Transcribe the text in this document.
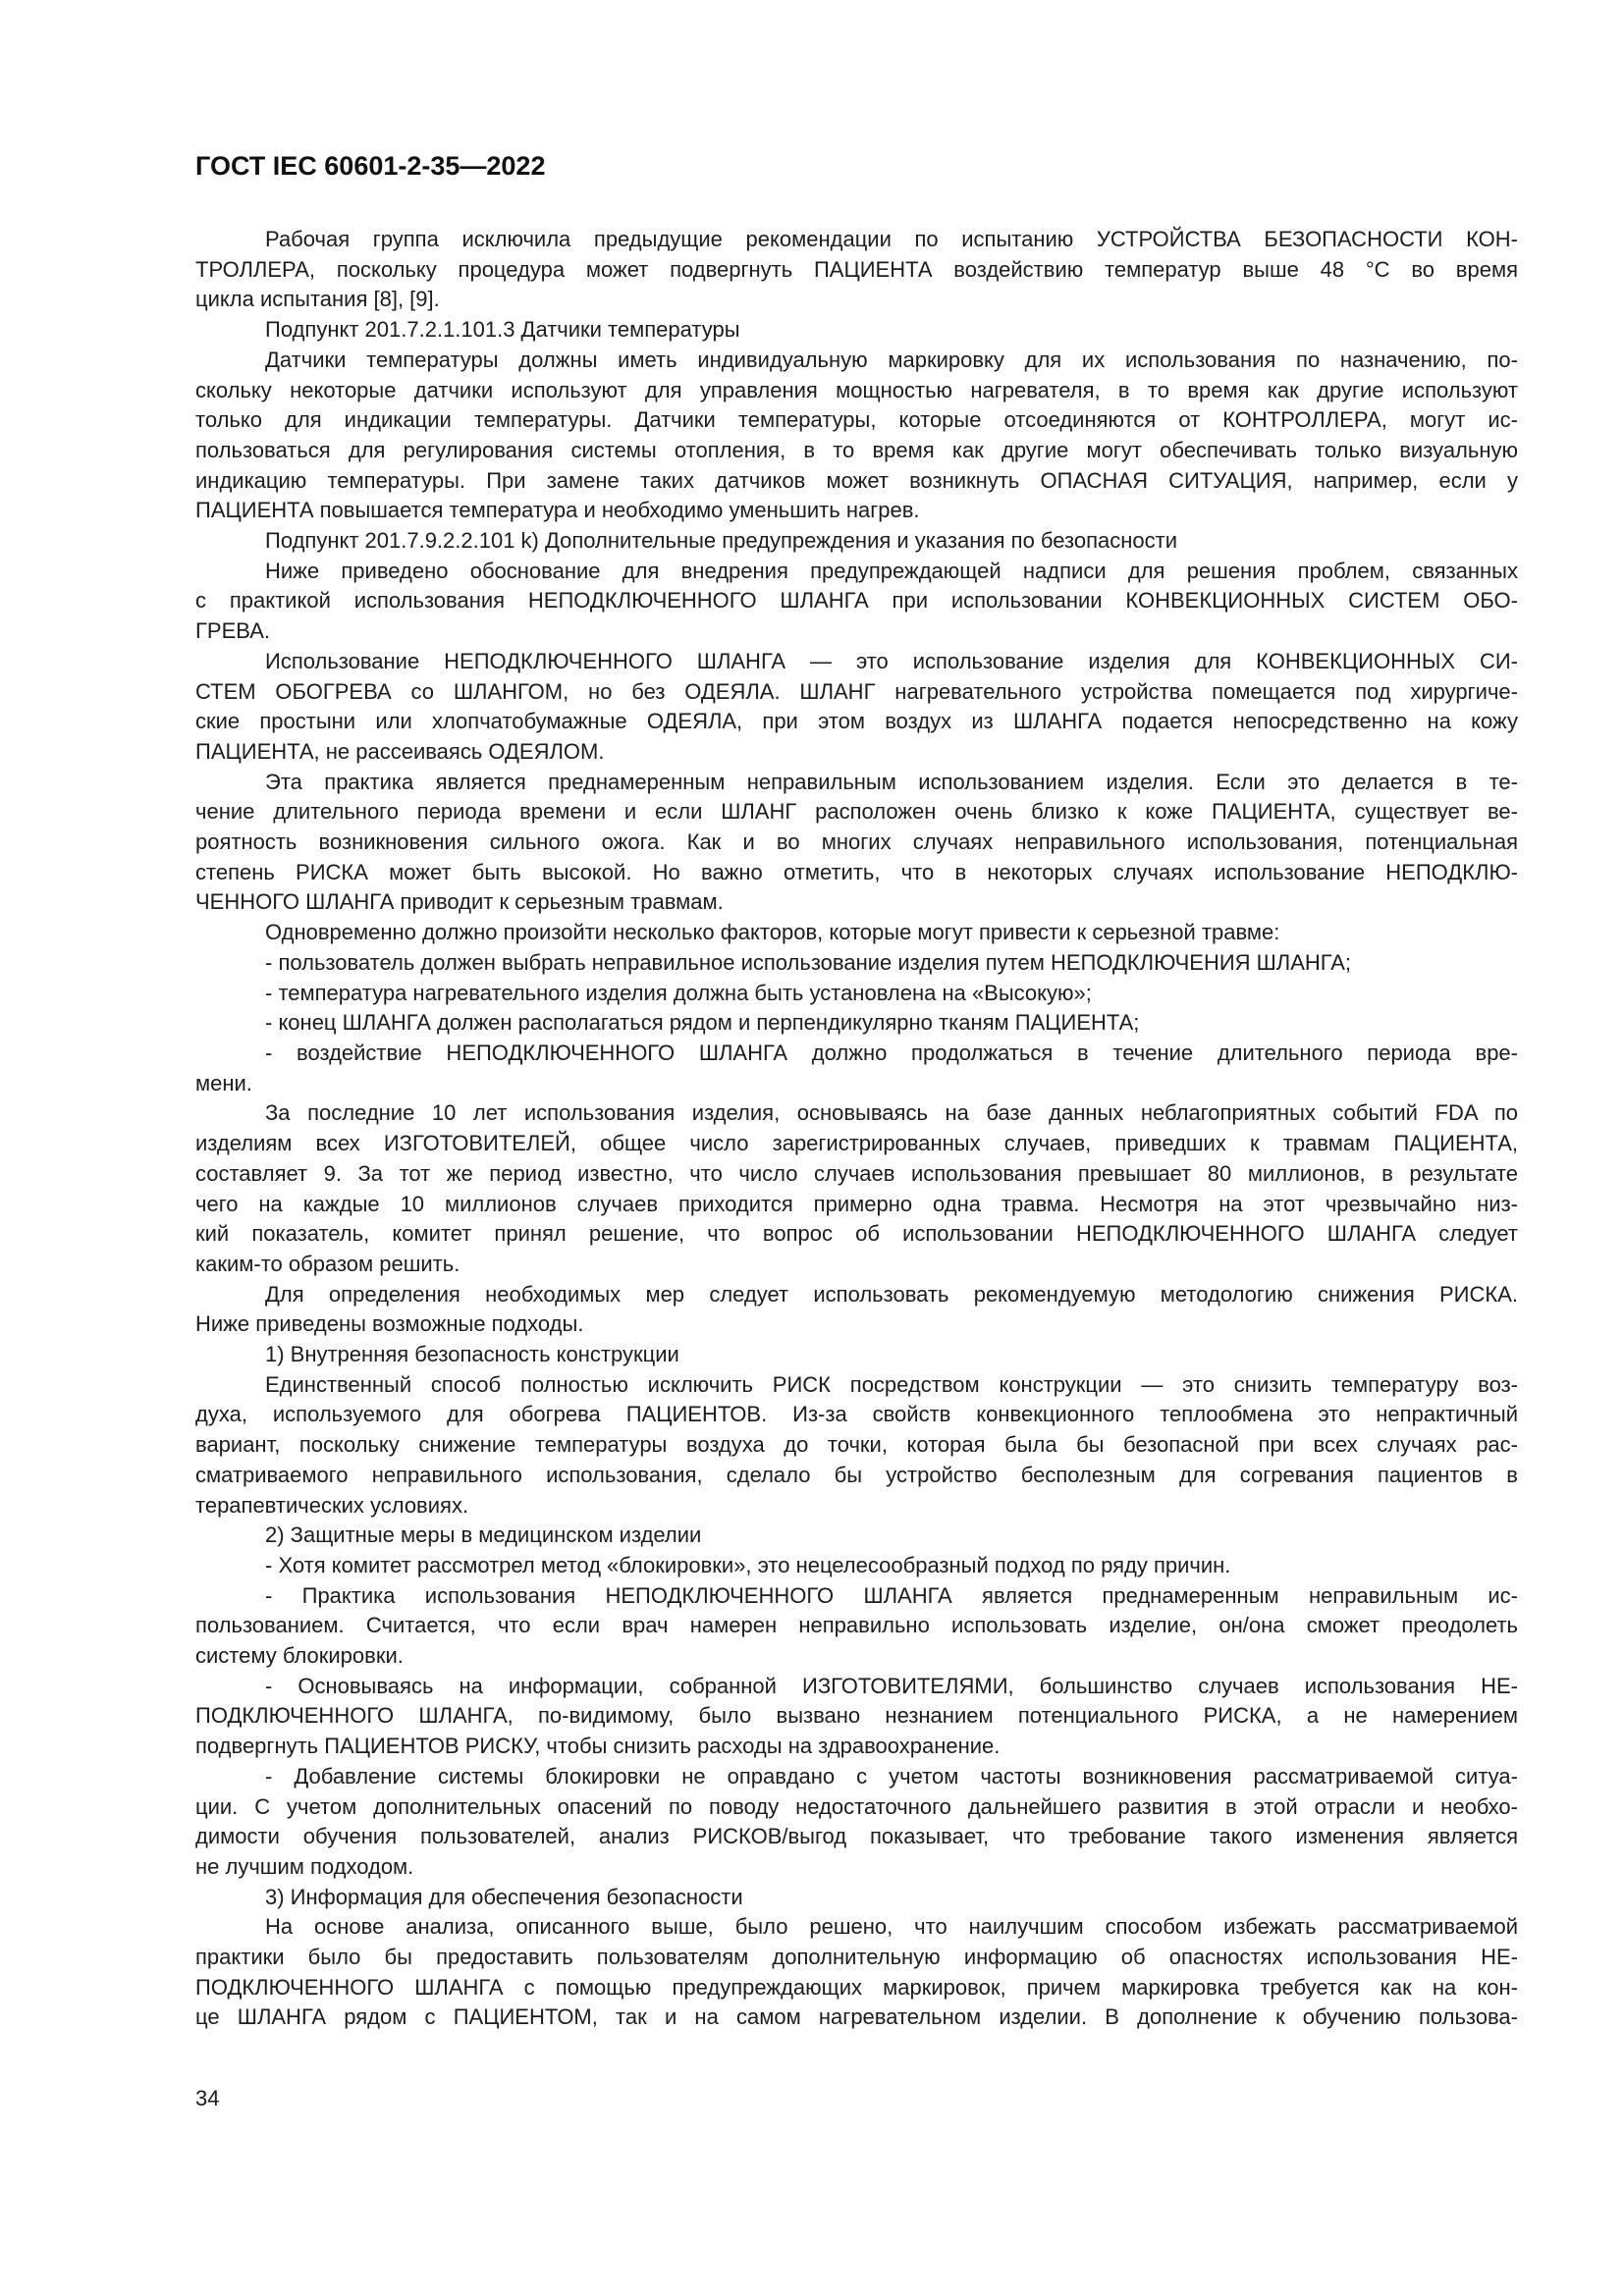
ГОСТ IEC 60601-2-35—2022
Рабочая группа исключила предыдущие рекомендации по испытанию УСТРОЙСТВА БЕЗОПАСНОСТИ КОН-
ТРОЛЛЕРА, поскольку процедура может подвергнуть ПАЦИЕНТА воздействию температур выше 48 °C во время
цикла испытания [8], [9].
Подпункт 201.7.2.1.101.3 Датчики температуры
Датчики температуры должны иметь индивидуальную маркировку для их использования по назначению, по-
скольку некоторые датчики используют для управления мощностью нагревателя, в то время как другие используют
только для индикации температуры. Датчики температуры, которые отсоединяются от КОНТРОЛЛЕРА, могут ис-
пользоваться для регулирования системы отопления, в то время как другие могут обеспечивать только визуальную
индикацию температуры. При замене таких датчиков может возникнуть ОПАСНАЯ СИТУАЦИЯ, например, если у
ПАЦИЕНТА повышается температура и необходимо уменьшить нагрев.
Подпункт 201.7.9.2.2.101 k) Дополнительные предупреждения и указания по безопасности
Ниже приведено обоснование для внедрения предупреждающей надписи для решения проблем, связанных
с практикой использования НЕПОДКЛЮЧЕННОГО ШЛАНГА при использовании КОНВЕКЦИОННЫХ СИСТЕМ ОБО-
ГРЕВА.
Использование НЕПОДКЛЮЧЕННОГО ШЛАНГА — это использование изделия для КОНВЕКЦИОННЫХ СИ-
СТЕМ ОБОГРЕВА со ШЛАНГОМ, но без ОДЕЯЛА. ШЛАНГ нагревательного устройства помещается под хирургиче-
ские простыни или хлопчатобумажные ОДЕЯЛА, при этом воздух из ШЛАНГА подается непосредственно на кожу
ПАЦИЕНТА, не рассеиваясь ОДЕЯЛОМ.
Эта практика является преднамеренным неправильным использованием изделия. Если это делается в те-
чение длительного периода времени и если ШЛАНГ расположен очень близко к коже ПАЦИЕНТА, существует ве-
роятность возникновения сильного ожога. Как и во многих случаях неправильного использования, потенциальная
степень РИСКА может быть высокой. Но важно отметить, что в некоторых случаях использование НЕПОДКЛЮ-
ЧЕННОГО ШЛАНГА приводит к серьезным травмам.
Одновременно должно произойти несколько факторов, которые могут привести к серьезной травме:
- пользователь должен выбрать неправильное использование изделия путем НЕПОДКЛЮЧЕНИЯ ШЛАНГА;
- температура нагревательного изделия должна быть установлена на «Высокую»;
- конец ШЛАНГА должен располагаться рядом и перпендикулярно тканям ПАЦИЕНТА;
- воздействие НЕПОДКЛЮЧЕННОГО ШЛАНГА должно продолжаться в течение длительного периода вре-
мени.
За последние 10 лет использования изделия, основываясь на базе данных неблагоприятных событий FDA по
изделиям всех ИЗГОТОВИТЕЛЕЙ, общее число зарегистрированных случаев, приведших к травмам ПАЦИЕНТА,
составляет 9. За тот же период известно, что число случаев использования превышает 80 миллионов, в результате
чего на каждые 10 миллионов случаев приходится примерно одна травма. Несмотря на этот чрезвычайно низ-
кий показатель, комитет принял решение, что вопрос об использовании НЕПОДКЛЮЧЕННОГО ШЛАНГА следует
каким-то образом решить.
Для определения необходимых мер следует использовать рекомендуемую методологию снижения РИСКА.
Ниже приведены возможные подходы.
1) Внутренняя безопасность конструкции
Единственный способ полностью исключить РИСК посредством конструкции — это снизить температуру воз-
духа, используемого для обогрева ПАЦИЕНТОВ. Из-за свойств конвекционного теплообмена это непрактичный
вариант, поскольку снижение температуры воздуха до точки, которая была бы безопасной при всех случаях рас-
сматриваемого неправильного использования, сделало бы устройство бесполезным для согревания пациентов в
терапевтических условиях.
2) Защитные меры в медицинском изделии
- Хотя комитет рассмотрел метод «блокировки», это нецелесообразный подход по ряду причин.
- Практика использования НЕПОДКЛЮЧЕННОГО ШЛАНГА является преднамеренным неправильным ис-
пользованием. Считается, что если врач намерен неправильно использовать изделие, он/она сможет преодолеть
систему блокировки.
- Основываясь на информации, собранной ИЗГОТОВИТЕЛЯМИ, большинство случаев использования НЕ-
ПОДКЛЮЧЕННОГО ШЛАНГА, по-видимому, было вызвано незнанием потенциального РИСКА, а не намерением
подвергнуть ПАЦИЕНТОВ РИСКУ, чтобы снизить расходы на здравоохранение.
- Добавление системы блокировки не оправдано с учетом частоты возникновения рассматриваемой ситуа-
ции. С учетом дополнительных опасений по поводу недостаточного дальнейшего развития в этой отрасли и необхо-
димости обучения пользователей, анализ РИСКОВ/выгод показывает, что требование такого изменения является
не лучшим подходом.
3) Информация для обеспечения безопасности
На основе анализа, описанного выше, было решено, что наилучшим способом избежать рассматриваемой
практики было бы предоставить пользователям дополнительную информацию об опасностях использования НЕ-
ПОДКЛЮЧЕННОГО ШЛАНГА с помощью предупреждающих маркировок, причем маркировка требуется как на кон-
це ШЛАНГА рядом с ПАЦИЕНТОМ, так и на самом нагревательном изделии. В дополнение к обучению пользова-
34
